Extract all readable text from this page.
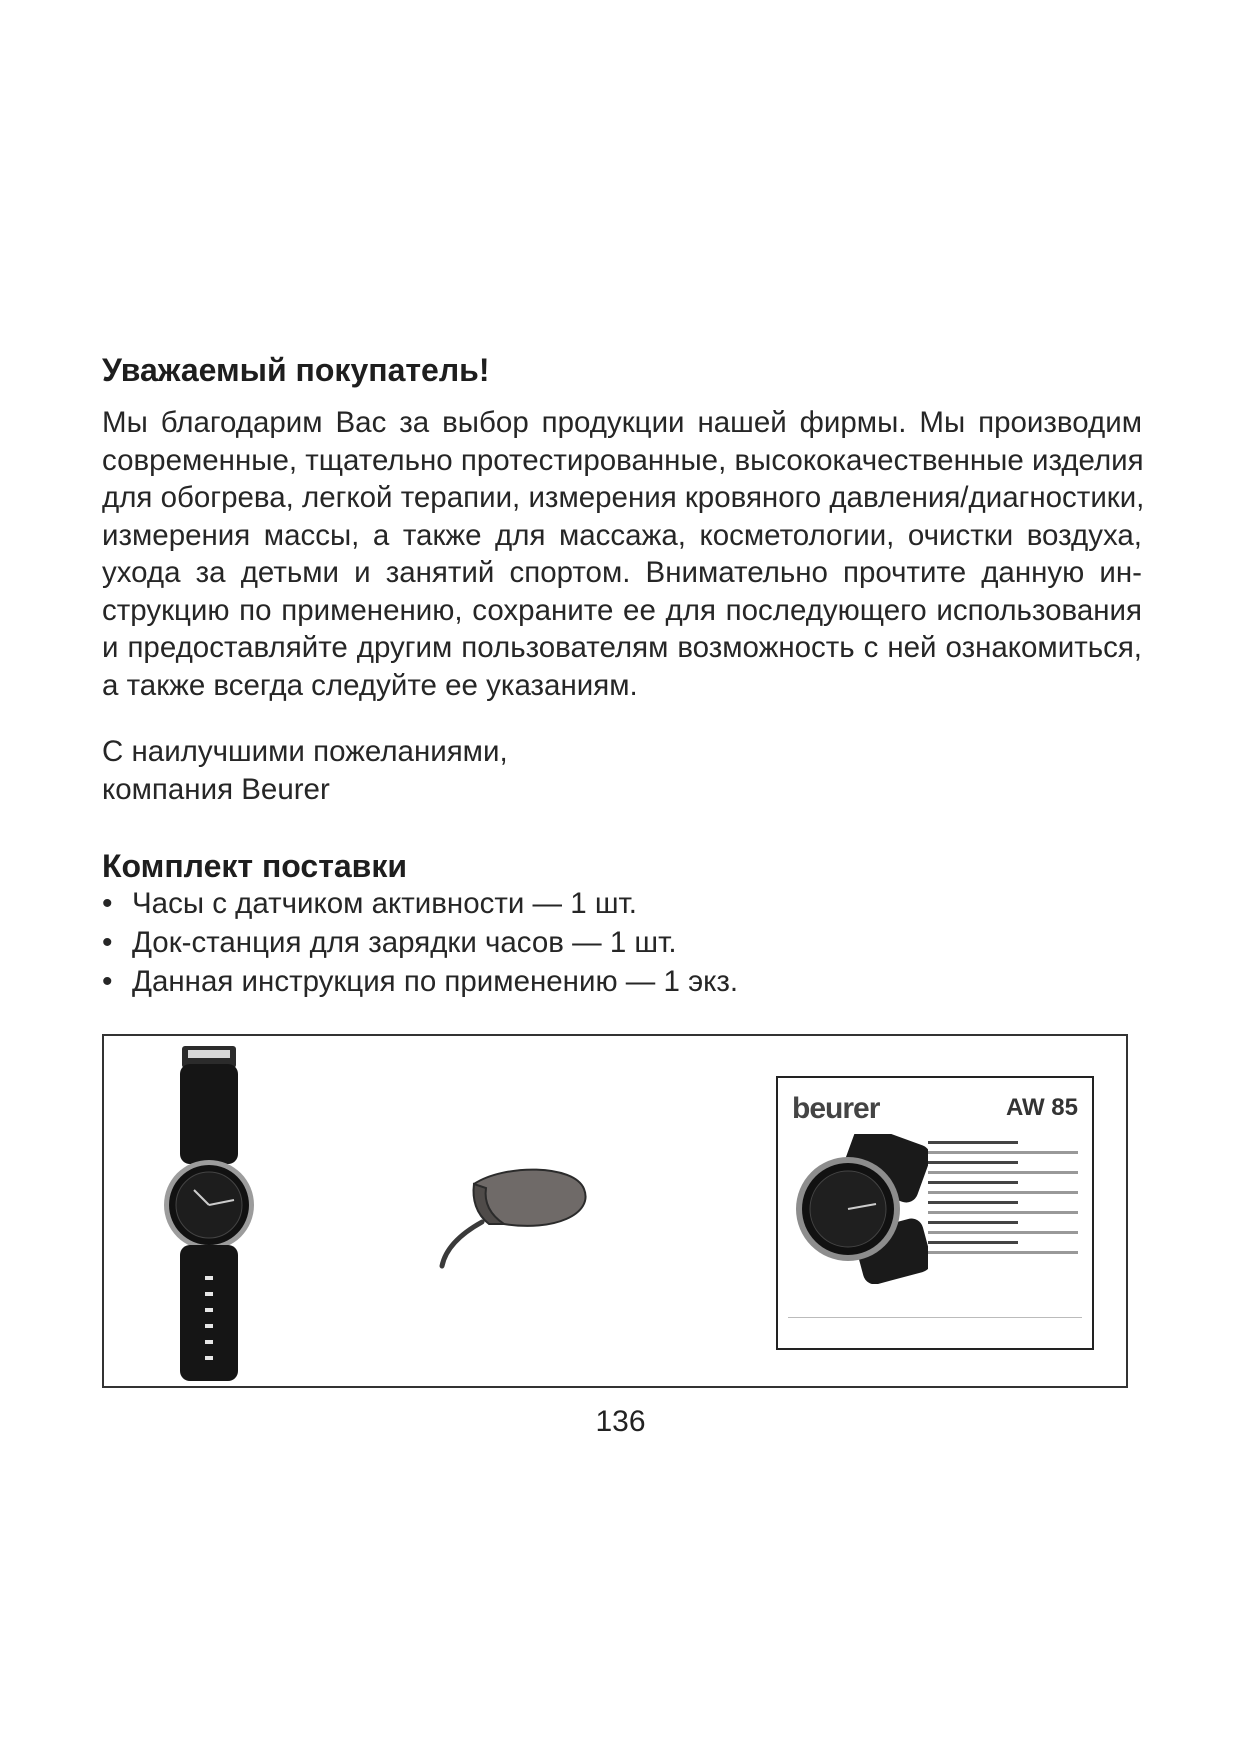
Уважаемый покупатель!
Мы благодарим Вас за выбор продукции нашей фирмы. Мы производим
современные, тщательно протестированные, высококачественные изделия
для обогрева, легкой терапии, измерения кровяного давления/диагностики,
измерения массы, а также для массажа, косметологии, очистки воздуха,
ухода за детьми и занятий спортом. Внимательно прочтите данную ин-
струкцию по применению, сохраните ее для последующего использования
и предоставляйте другим пользователям возможность с ней ознакомиться,
а также всегда следуйте ее указаниям.
С наилучшими пожеланиями,
компания Beurer
Комплект поставки
• Часы с датчиком активности — 1 шт.
• Док-станция для зарядки часов — 1 шт.
• Данная инструкция по применению — 1 экз.
beurer	AW 85
136
